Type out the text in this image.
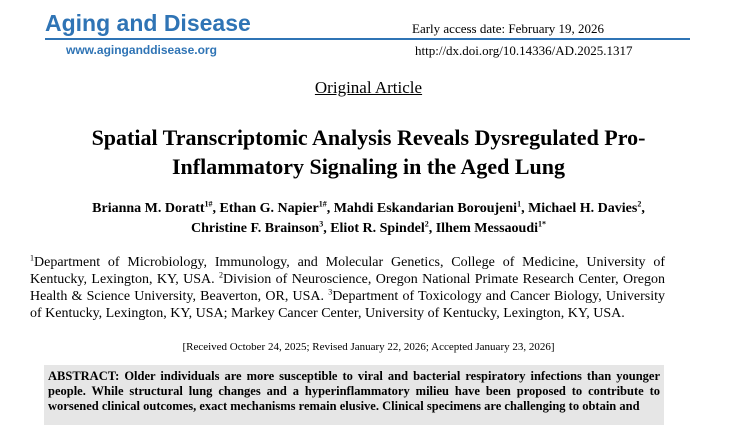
Aging and Disease
www.aginganddisease.org
Early access date: February 19, 2026
http://dx.doi.org/10.14336/AD.2025.1317
Original Article
Spatial Transcriptomic Analysis Reveals Dysregulated Pro-Inflammatory Signaling in the Aged Lung
Brianna M. Doratt$^{1\#}$, Ethan G. Napier$^{1\#}$, Mahdi Eskandarian Boroujeni$^1$, Michael H. Davies$^2$,
Christine F. Brainson$^3$, Eliot R. Spindel$^2$, Ilhem Messaoudi$^{1*}$
$^1$Department of Microbiology, Immunology, and Molecular Genetics, College of Medicine, University of Kentucky, Lexington, KY, USA. $^2$Division of Neuroscience, Oregon National Primate Research Center, Oregon Health & Science University, Beaverton, OR, USA. $^3$Department of Toxicology and Cancer Biology, University of Kentucky, Lexington, KY, USA; Markey Cancer Center, University of Kentucky, Lexington, KY, USA.
[Received October 24, 2025; Revised January 22, 2026; Accepted January 23, 2026]
ABSTRACT: Older individuals are more susceptible to viral and bacterial respiratory infections than younger people. While structural lung changes and a hyperinflammatory milieu have been proposed to contribute to worsened clinical outcomes, exact mechanisms remain elusive. Clinical specimens are challenging to obtain and
